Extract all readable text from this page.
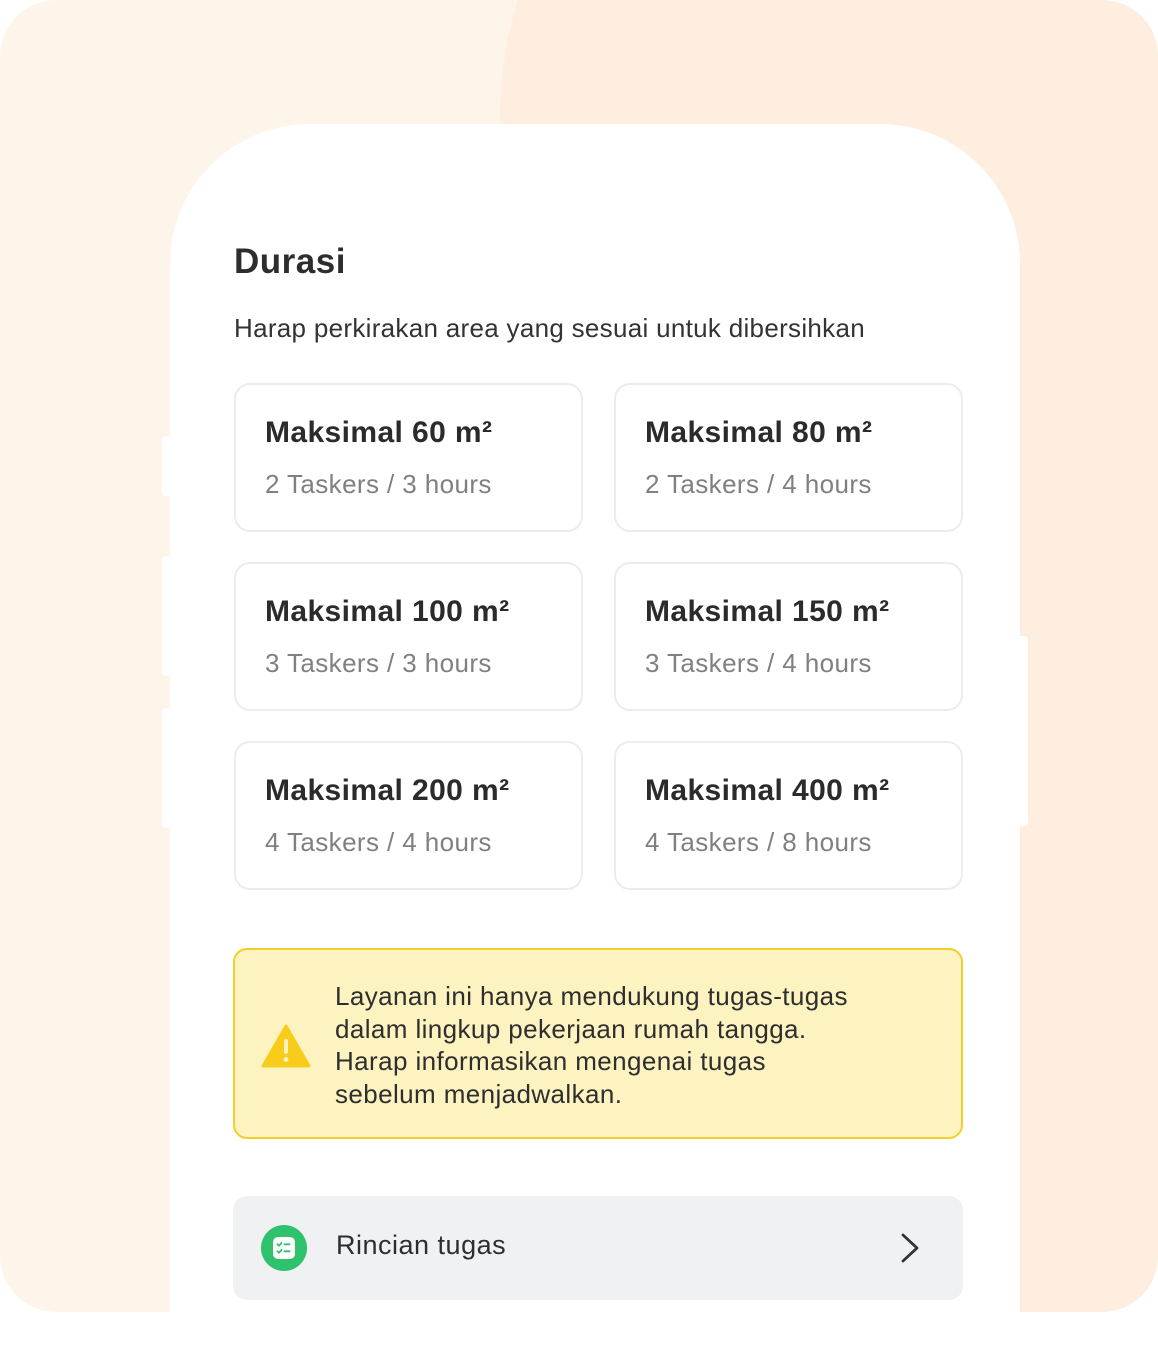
Durasi

Harap perkirakan area yang sesuai untuk dibersihkan

Maksimal 60 m²
2 Taskers / 3 hours
Maksimal 80 m²
2 Taskers / 4 hours
Maksimal 100 m²
3 Taskers / 3 hours
Maksimal 150 m²
3 Taskers / 4 hours
Maksimal 200 m²
4 Taskers / 4 hours
Maksimal 400 m²
4 Taskers / 8 hours
Layanan ini hanya mendukung tugas-tugas
dalam lingkup pekerjaan rumah tangga.
Harap informasikan mengenai tugas
sebelum menjadwalkan.
Rincian tugas
